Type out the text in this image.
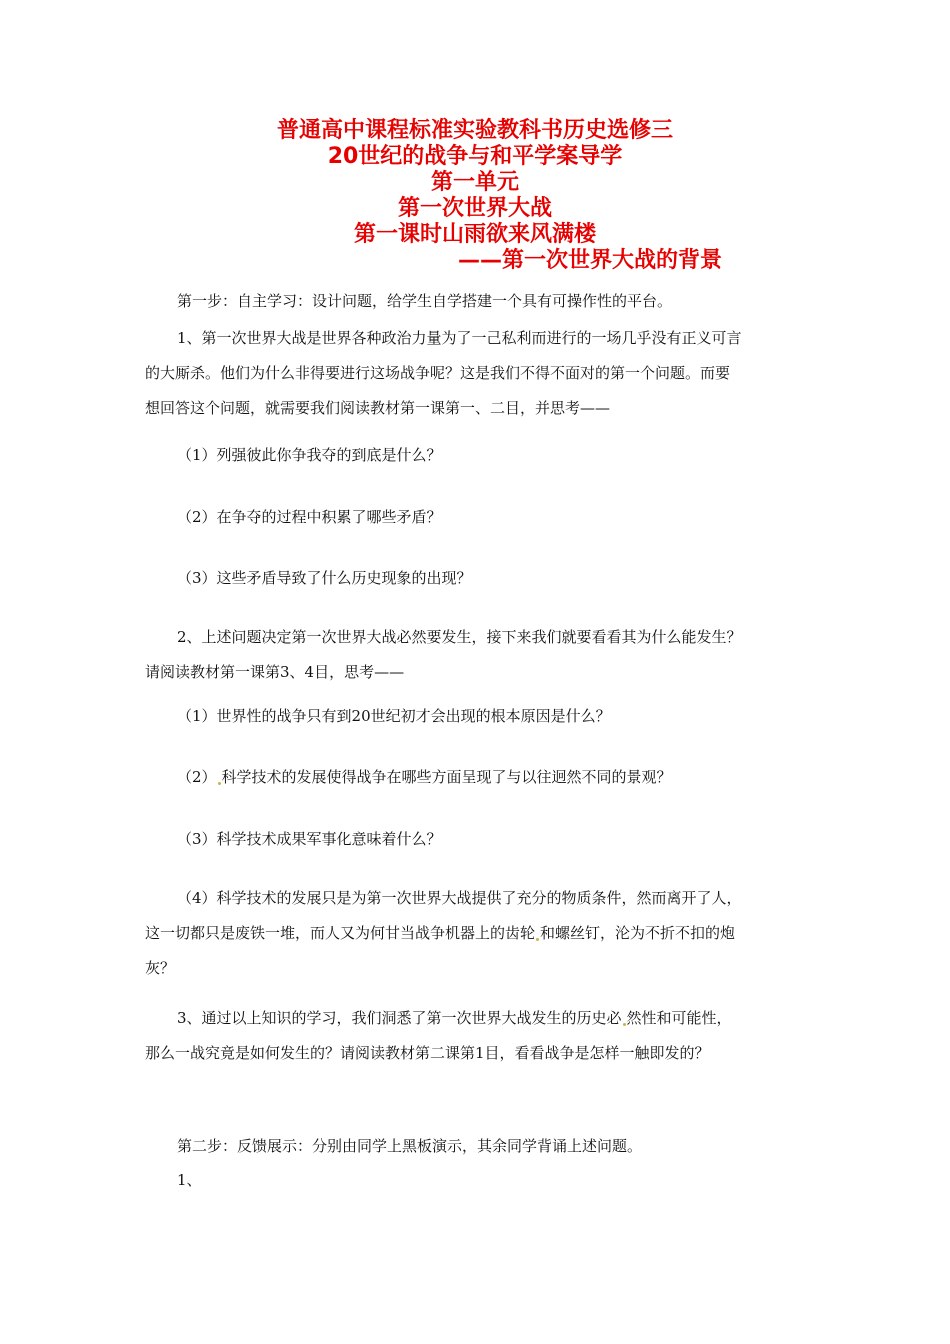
普通高中课程标准实验教科书历史选修三
20世纪的战争与和平学案导学
第一单元
第一次世界大战
第一课时山雨欲来风满楼
——第一次世界大战的背景
第一步：自主学习：设计问题，给学生自学搭建一个具有可操作性的平台。
1、第一次世界大战是世界各种政治力量为了一己私利而进行的一场几乎没有正义可言
的大厮杀。他们为什么非得要进行这场战争呢？这是我们不得不面对的第一个问题。而要
想回答这个问题，就需要我们阅读教材第一课第一、二目，并思考——
（1）列强彼此你争我夺的到底是什么？
（2）在争夺的过程中积累了哪些矛盾？
（3）这些矛盾导致了什么历史现象的出现？
2、上述问题决定第一次世界大战必然要发生，接下来我们就要看看其为什么能发生？
请阅读教材第一课第3、4目，思考——
（1）世界性的战争只有到20世纪初才会出现的根本原因是什么？
（2） 科学技术的发展使得战争在哪些方面呈现了与以往迥然不同的景观？
（3）科学技术成果军事化意味着什么？
（4）科学技术的发展只是为第一次世界大战提供了充分的物质条件，然而离开了人，
这一切都只是废铁一堆，而人又为何甘当战争机器上的齿轮 和螺丝钉，沦为不折不扣的炮
灰？
3、通过以上知识的学习，我们洞悉了第一次世界大战发生的历史必 然性和可能性，
那么一战究竟是如何发生的？请阅读教材第二课第1目，看看战争是怎样一触即发的？
第二步：反馈展示：分别由同学上黑板演示，其余同学背诵上述问题。
1、
